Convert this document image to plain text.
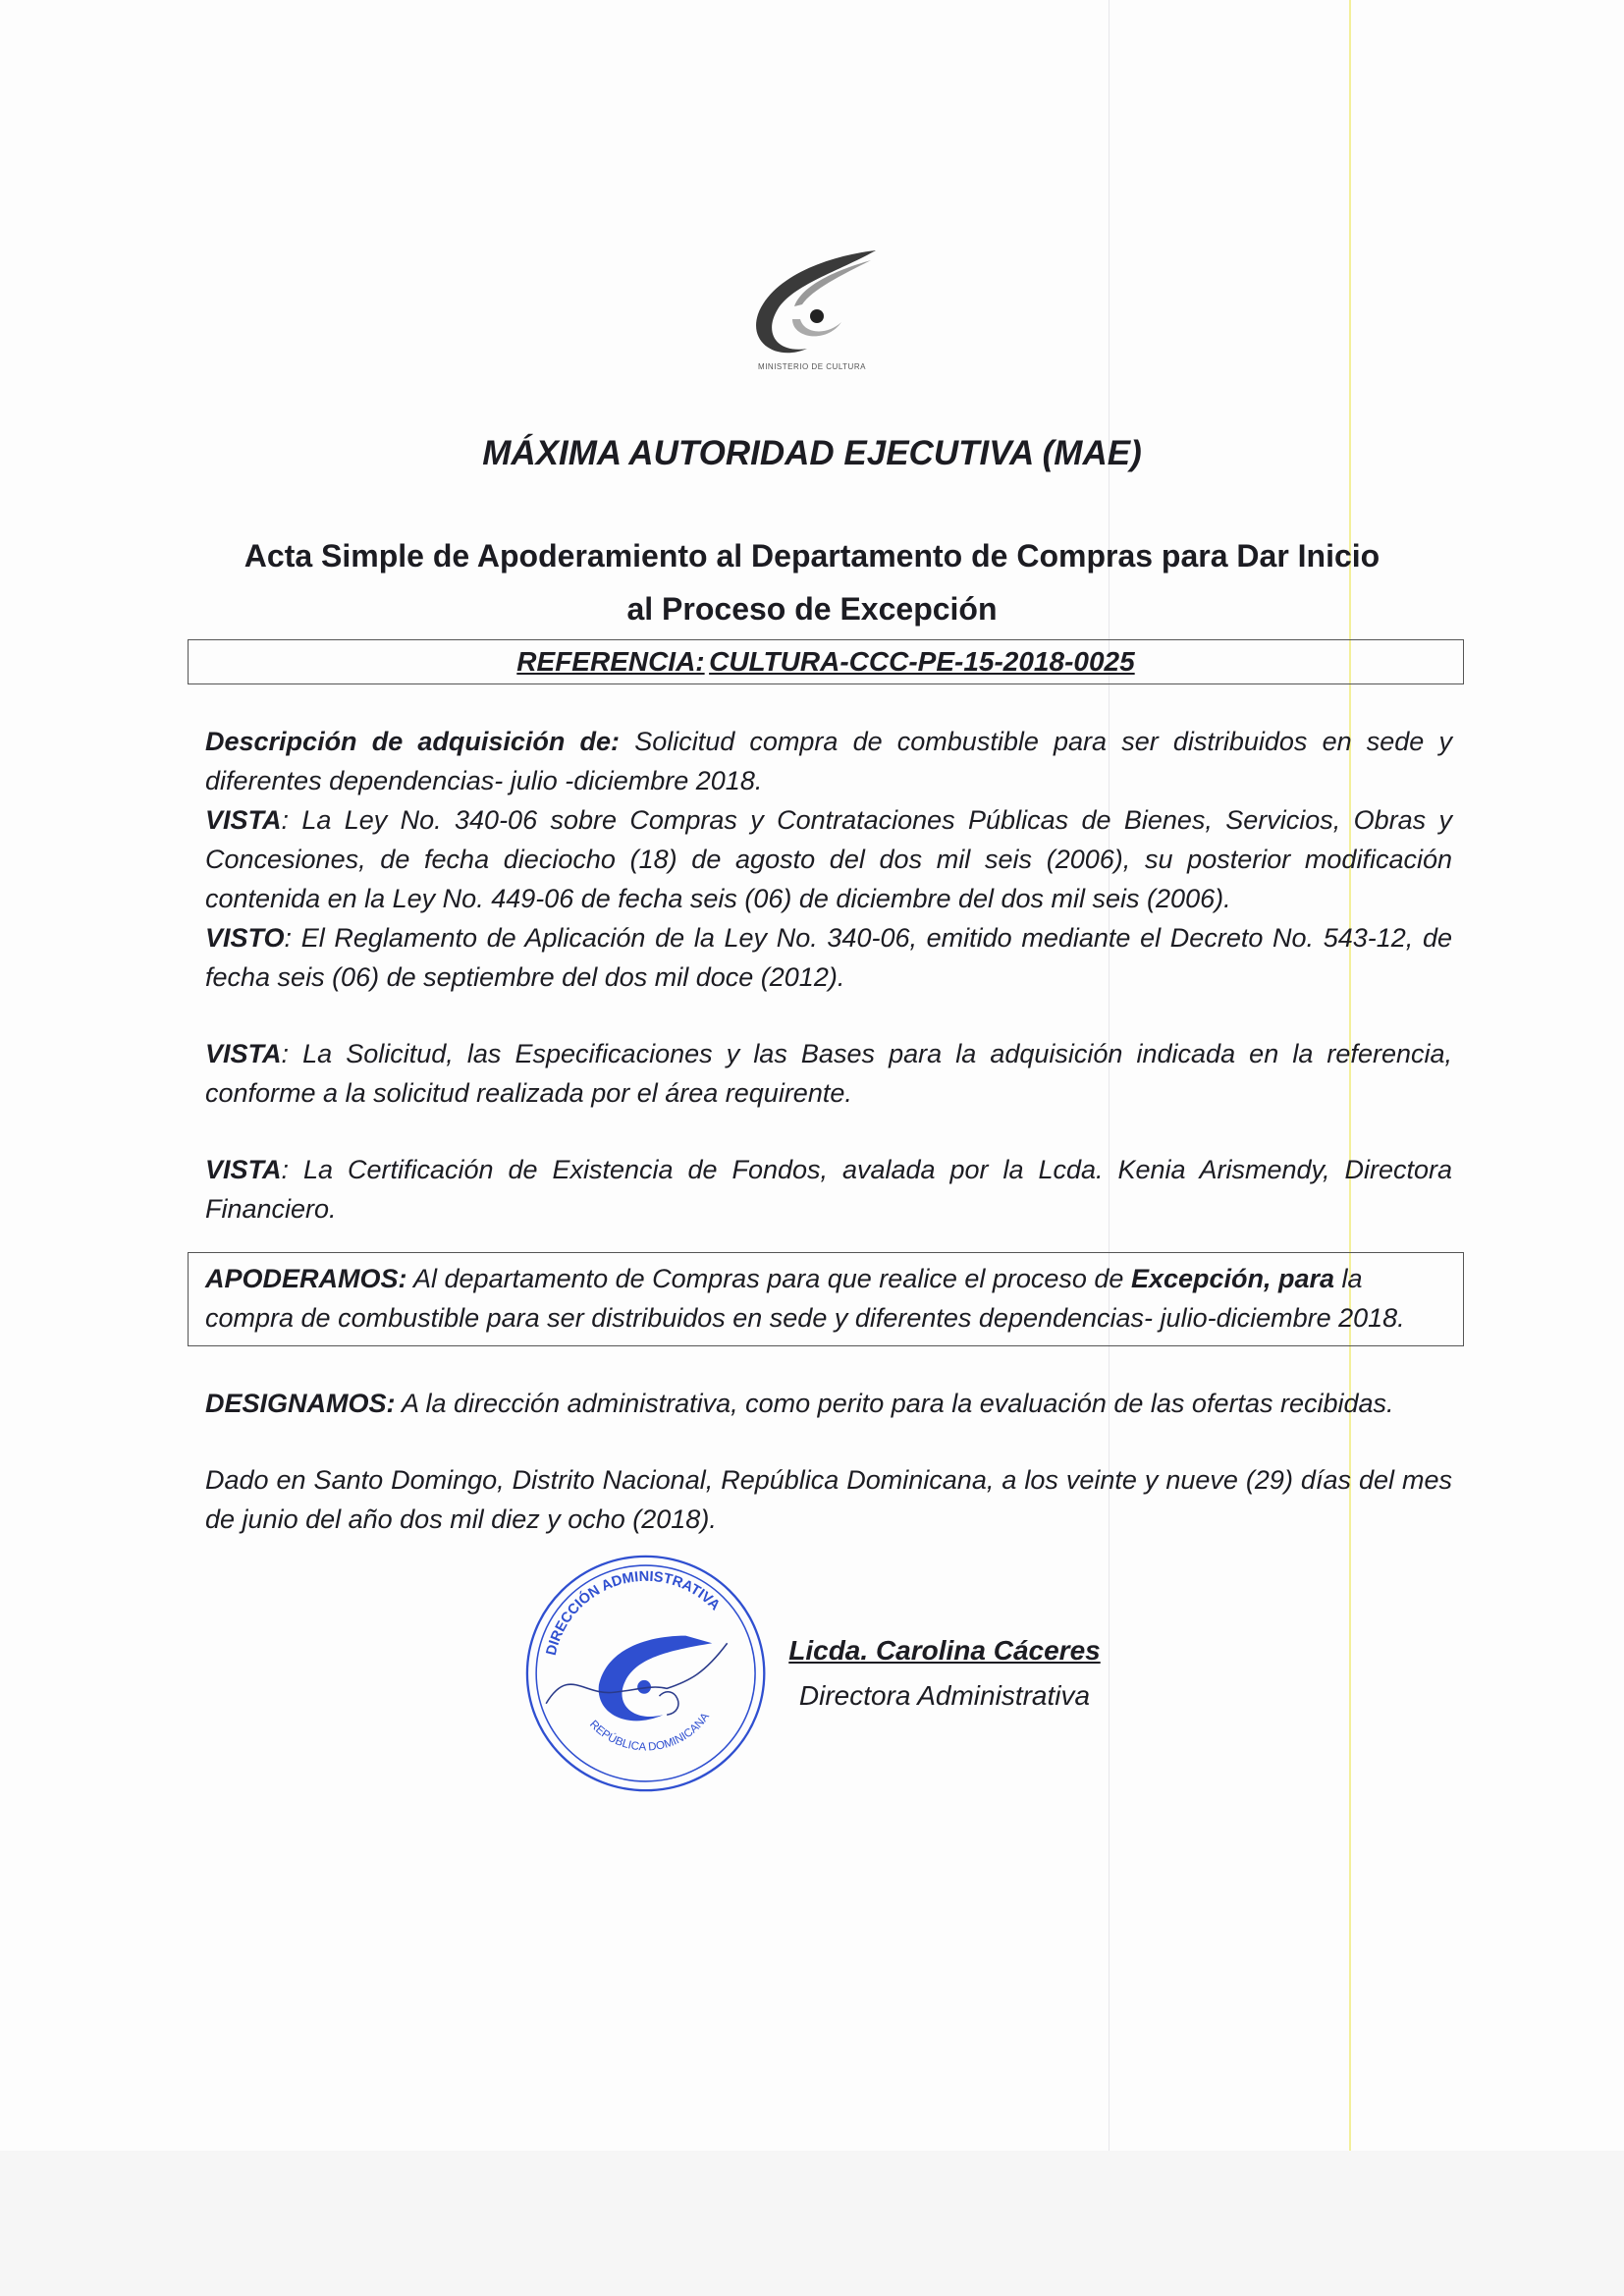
MINISTERIO DE CULTURA
MÁXIMA AUTORIDAD EJECUTIVA (MAE)
Acta Simple de Apoderamiento al Departamento de Compras para Dar Inicio
al Proceso de Excepción
REFERENCIA: CULTURA-CCC-PE-15-2018-0025
Descripción de adquisición de: Solicitud compra de combustible para ser distribuidos en sede y diferentes dependencias- julio -diciembre 2018.
VISTA: La Ley No. 340-06 sobre Compras y Contrataciones Públicas de Bienes, Servicios, Obras y Concesiones, de fecha dieciocho (18) de agosto del dos mil seis (2006), su posterior modificación contenida en la Ley No. 449-06 de fecha seis (06) de diciembre del dos mil seis (2006).
VISTO: El Reglamento de Aplicación de la Ley No. 340-06, emitido mediante el Decreto No. 543-12, de fecha seis (06) de septiembre del dos mil doce (2012).
VISTA: La Solicitud, las Especificaciones y las Bases para la adquisición indicada en la referencia, conforme a la solicitud realizada por el área requirente.
VISTA: La Certificación de Existencia de Fondos, avalada por la Lcda. Kenia Arismendy, Directora Financiero.
APODERAMOS: Al departamento de Compras para que realice el proceso de Excepción, para la compra de combustible para ser distribuidos en sede y diferentes dependencias- julio-diciembre 2018.
DESIGNAMOS: A la dirección administrativa, como perito para la evaluación de las ofertas recibidas.
Dado en Santo Domingo, Distrito Nacional, República Dominicana, a los veinte y nueve (29) días del mes de junio del año dos mil diez y ocho (2018).
DIRECCIÓN ADMINISTRATIVA
REPÚBLICA DOMINICANA
Licda. Carolina Cáceres
Directora Administrativa
